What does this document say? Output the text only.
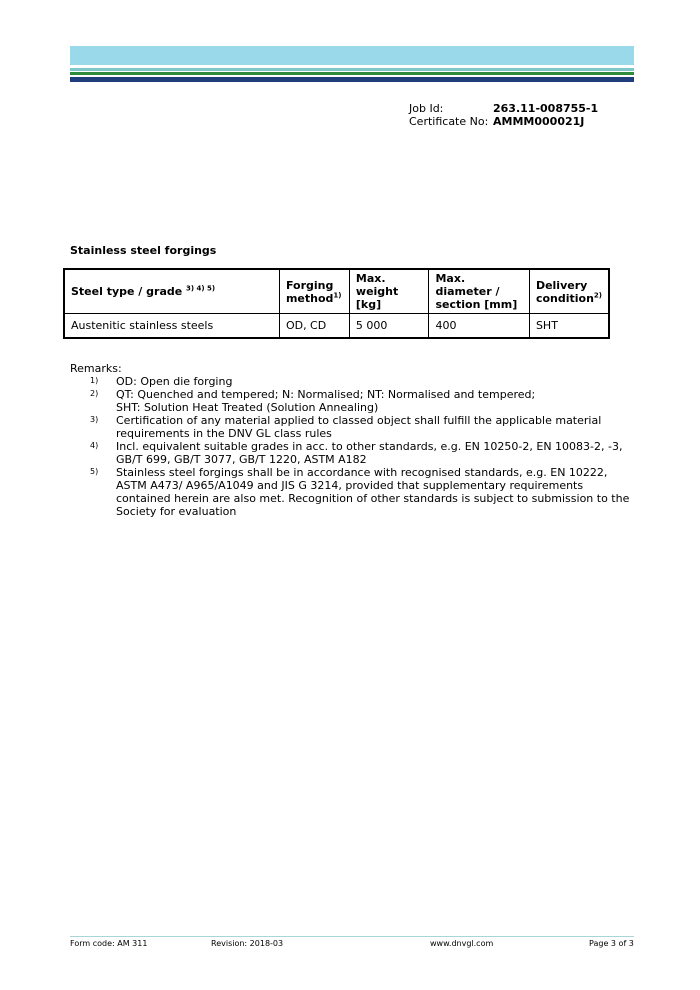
Job Id:	263.11-008755-1
Certificate No: AMMM000021J
Stainless steel forgings
Steel type / grade $^{3) 4) 5)}$	Forging method$^{1)}$	Max. weight [kg]	Max. diameter / section [mm]	Delivery condition$^{2)}$
Austenitic stainless steels	OD, CD	5 000	400	SHT
Remarks:
1)	OD: Open die forging
2)	QT: Quenched and tempered; N: Normalised; NT: Normalised and tempered;
SHT: Solution Heat Treated (Solution Annealing)
3)	Certification of any material applied to classed object shall fulfill the applicable material requirements in the DNV GL class rules
4)	Incl. equivalent suitable grades in acc. to other standards, e.g. EN 10250-2, EN 10083-2, -3, GB/T 699, GB/T 3077, GB/T 1220, ASTM A182
5)	Stainless steel forgings shall be in accordance with recognised standards, e.g. EN 10222, ASTM A473/ A965/A1049 and JIS G 3214, provided that supplementary requirements contained herein are also met. Recognition of other standards is subject to submission to the Society for evaluation
Form code: AM 311	Revision: 2018-03	www.dnvgl.com	Page 3 of 3
